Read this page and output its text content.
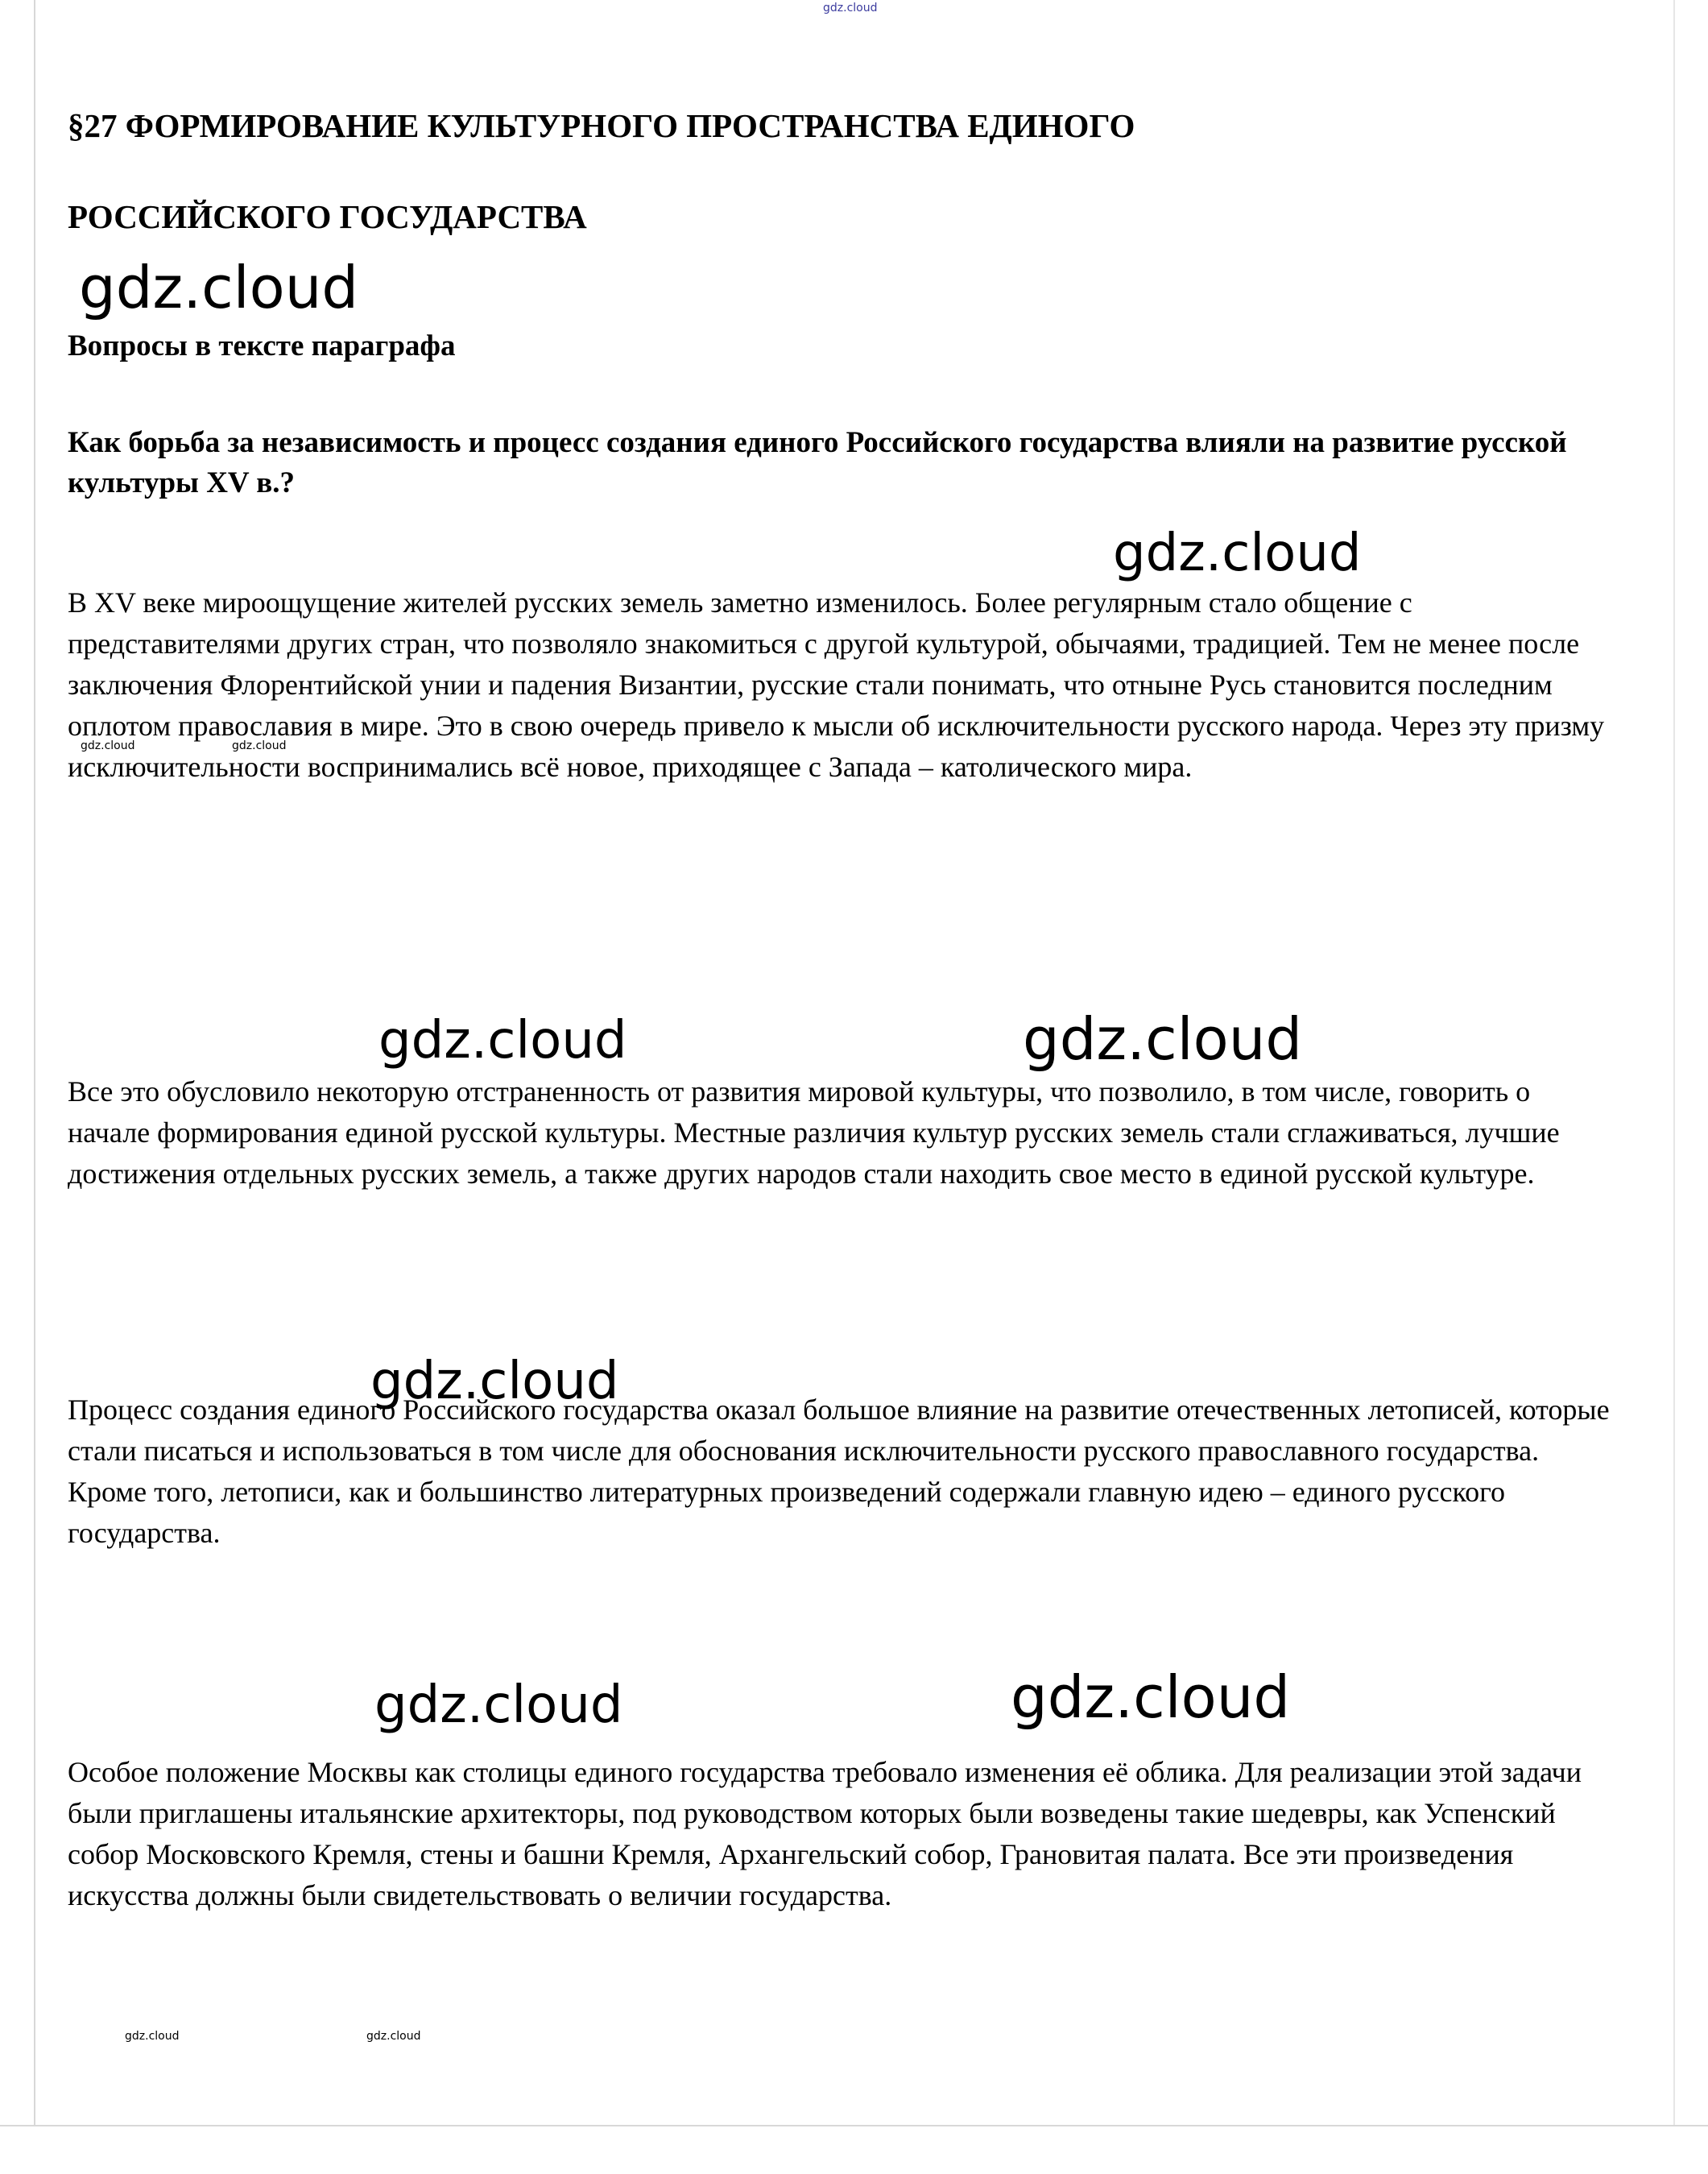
§27 ФОРМИРОВАНИЕ КУЛЬТУРНОГО ПРОСТРАНСТВА ЕДИНОГО
РОССИЙСКОГО ГОСУДАРСТВА
Вопросы в тексте параграфа
Как борьба за независимость и процесс создания единого Российского государства влияли на развитие русской культуры XV в.?

В XV веке мироощущение жителей русских земель заметно изменилось. Более регулярным стало общение с представителями других стран, что позволяло знакомиться с другой культурой, обычаями, традицией. Тем не менее после заключения Флорентийской унии и падения Византии, русские стали понимать, что отныне Русь становится последним оплотом православия в мире. Это в свою очередь привело к мысли об исключительности русского народа. Через эту призму исключительности воспринимались всё новое, приходящее с Запада – католического мира.

Все это обусловило некоторую отстраненность от развития мировой культуры, что позволило, в том числе, говорить о начале формирования единой русской культуры. Местные различия культур русских земель стали сглаживаться, лучшие достижения отдельных русских земель, а также других народов стали находить свое место в единой русской культуре.

Процесс создания единого Российского государства оказал большое влияние на развитие отечественных летописей, которые стали писаться и использоваться в том числе для обоснования исключительности русского православного государства. Кроме того, летописи, как и большинство литературных произведений содержали главную идею – единого русского государства.

Особое положение Москвы как столицы единого государства требовало изменения её облика. Для реализации этой задачи были приглашены итальянские архитекторы, под руководством которых были возведены такие шедевры, как Успенский собор Московского Кремля, стены и башни Кремля, Архангельский собор, Грановитая палата. Все эти произведения искусства должны были свидетельствовать о величии государства.

gdz.cloud
gdz.cloud
gdz.cloud
gdz.cloud	gdz.cloud
gdz.cloud	gdz.cloud
gdz.cloud
gdz.cloud	gdz.cloud
gdz.cloud	gdz.cloud
